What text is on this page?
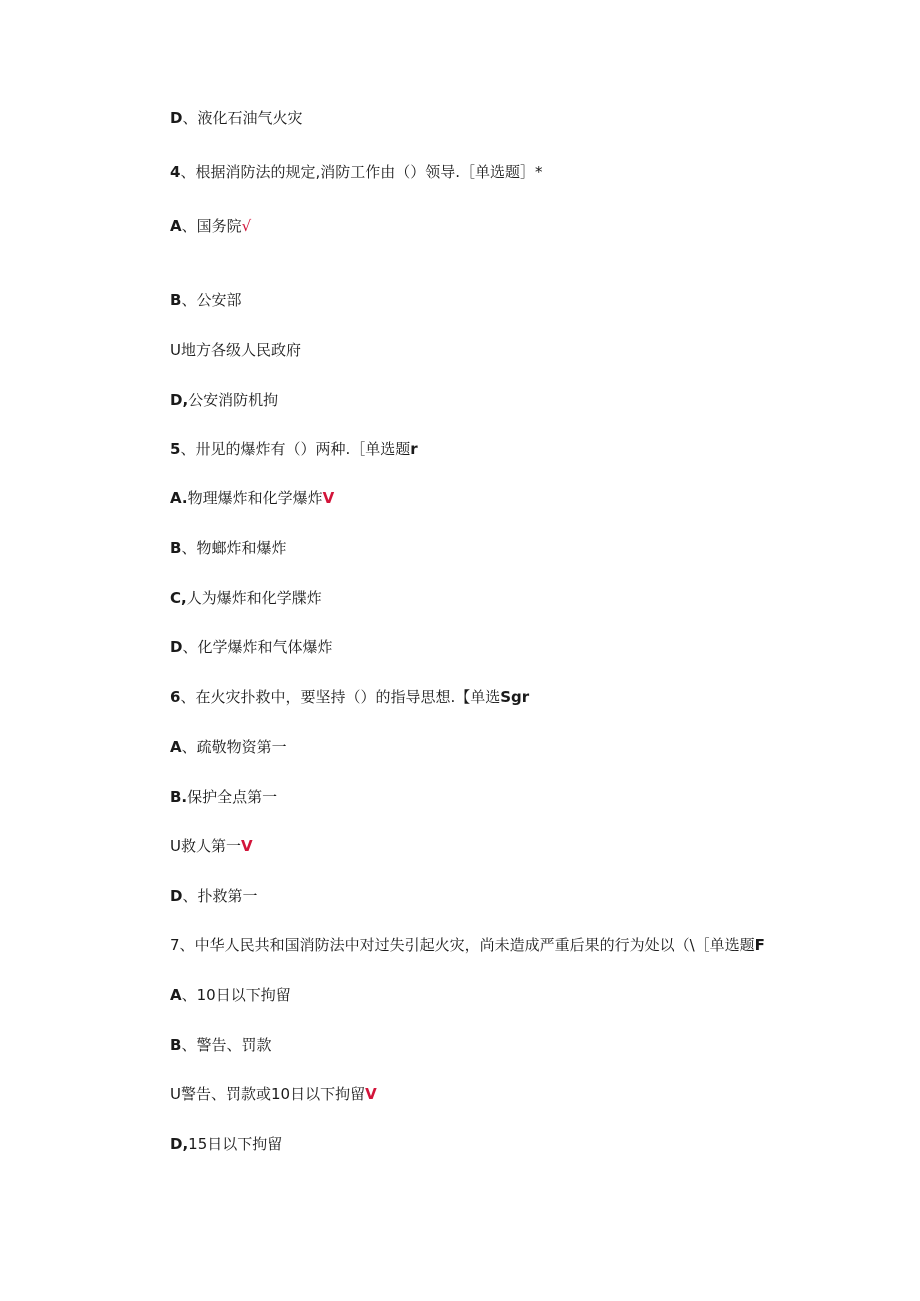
D、液化石油气火灾
4、根据消防法的规定,消防工作由（）领导.［单选题］*
A、国务院√
B、公安部
U地方各级人民政府
D,公安消防机拘
5、卅见的爆炸有（）两种.［单选题r
A.物理爆炸和化学爆炸V
B、物螂炸和爆炸
C,人为爆炸和化学牒炸
D、化学爆炸和气体爆炸
6、在火灾扑救中，要坚持（）的指导思想.【单选Sgr
A、疏敬物资第一
B.保护全点第一
U救人第一V
D、扑救第一
7、中华人民共和国消防法中对过失引起火灾，尚未造成严重后果的行为处以（\［单选题F
A、10日以下拘留
B、警告、罚款
U警告、罚款或10日以下拘留V
D,15日以下拘留
